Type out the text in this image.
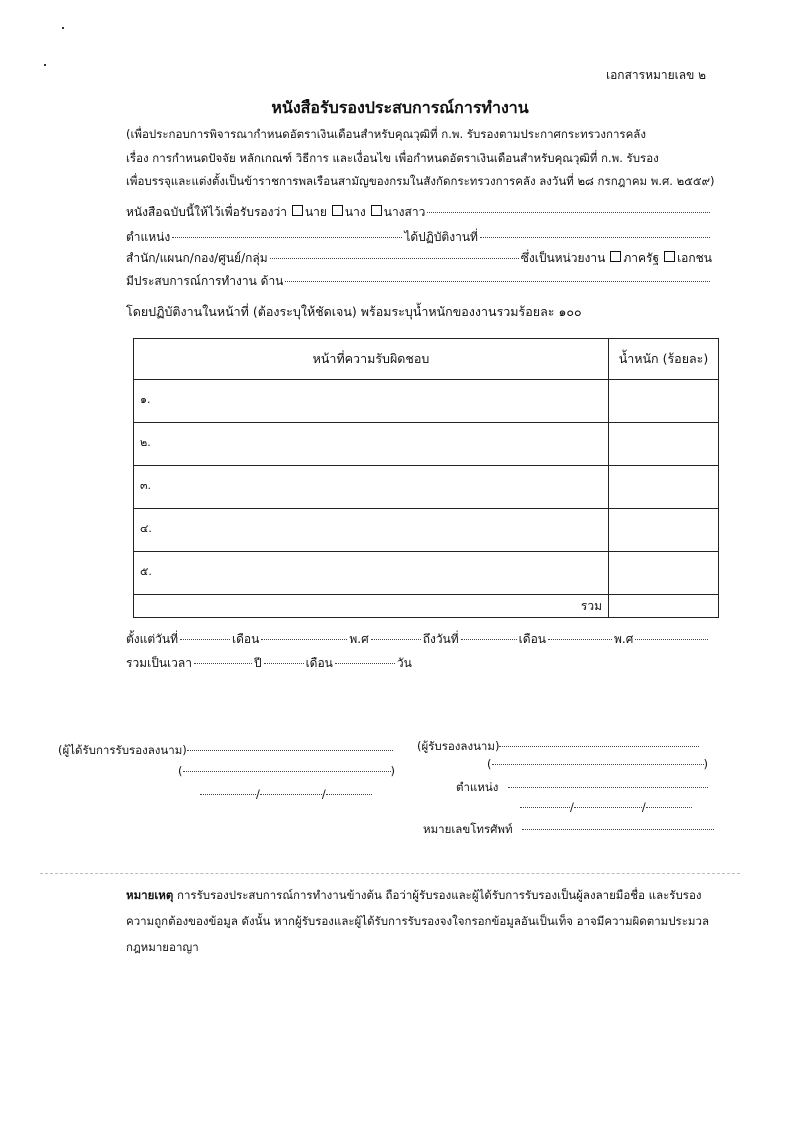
เอกสารหมายเลข ๒
หนังสือรับรองประสบการณ์การทำงาน
(เพื่อประกอบการพิจารณากำหนดอัตราเงินเดือนสำหรับคุณวุฒิที่ ก.พ. รับรองตามประกาศกระทรวงการคลัง
เรื่อง การกำหนดปัจจัย หลักเกณฑ์ วิธีการ และเงื่อนไข เพื่อกำหนดอัตราเงินเดือนสำหรับคุณวุฒิที่ ก.พ. รับรอง
เพื่อบรรจุและแต่งตั้งเป็นข้าราชการพลเรือนสามัญของกรมในสังกัดกระทรวงการคลัง ลงวันที่ ๒๘ กรกฎาคม พ.ศ. ๒๕๕๙)
หนังสือฉบับนี้ให้ไว้เพื่อรับรองว่า นาย นาง นางสาว
ตำแหน่ง	ได้ปฏิบัติงานที่
สำนัก/แผนก/กอง/ศูนย์/กลุ่ม	ซึ่งเป็นหน่วยงาน ภาครัฐ เอกชน
มีประสบการณ์การทำงาน ด้าน
โดยปฏิบัติงานในหน้าที่ (ต้องระบุให้ชัดเจน) พร้อมระบุน้ำหนักของงานรวมร้อยละ ๑๐๐
หน้าที่ความรับผิดชอบ	น้ำหนัก (ร้อยละ)
๑.	
๒.	
๓.	
๔.	
๕.	
รวม	
ตั้งแต่วันที่	เดือน	พ.ศ	ถึงวันที่	เดือน	พ.ศ
รวมเป็นเวลา	ปี	เดือน	วัน
(ผู้ได้รับการรับรองลงนาม)
(	)
/	/
(ผู้รับรองลงนาม)
(	)
ตำแหน่ง
/	/
หมายเลขโทรศัพท์
หมายเหตุ การรับรองประสบการณ์การทำงานข้างต้น ถือว่าผู้รับรองและผู้ได้รับการรับรองเป็นผู้ลงลายมือชื่อ และรับรองความถูกต้องของข้อมูล ดังนั้น หากผู้รับรองและผู้ได้รับการรับรองจงใจกรอกข้อมูลอันเป็นเท็จ อาจมีความผิดตามประมวลกฎหมายอาญา
